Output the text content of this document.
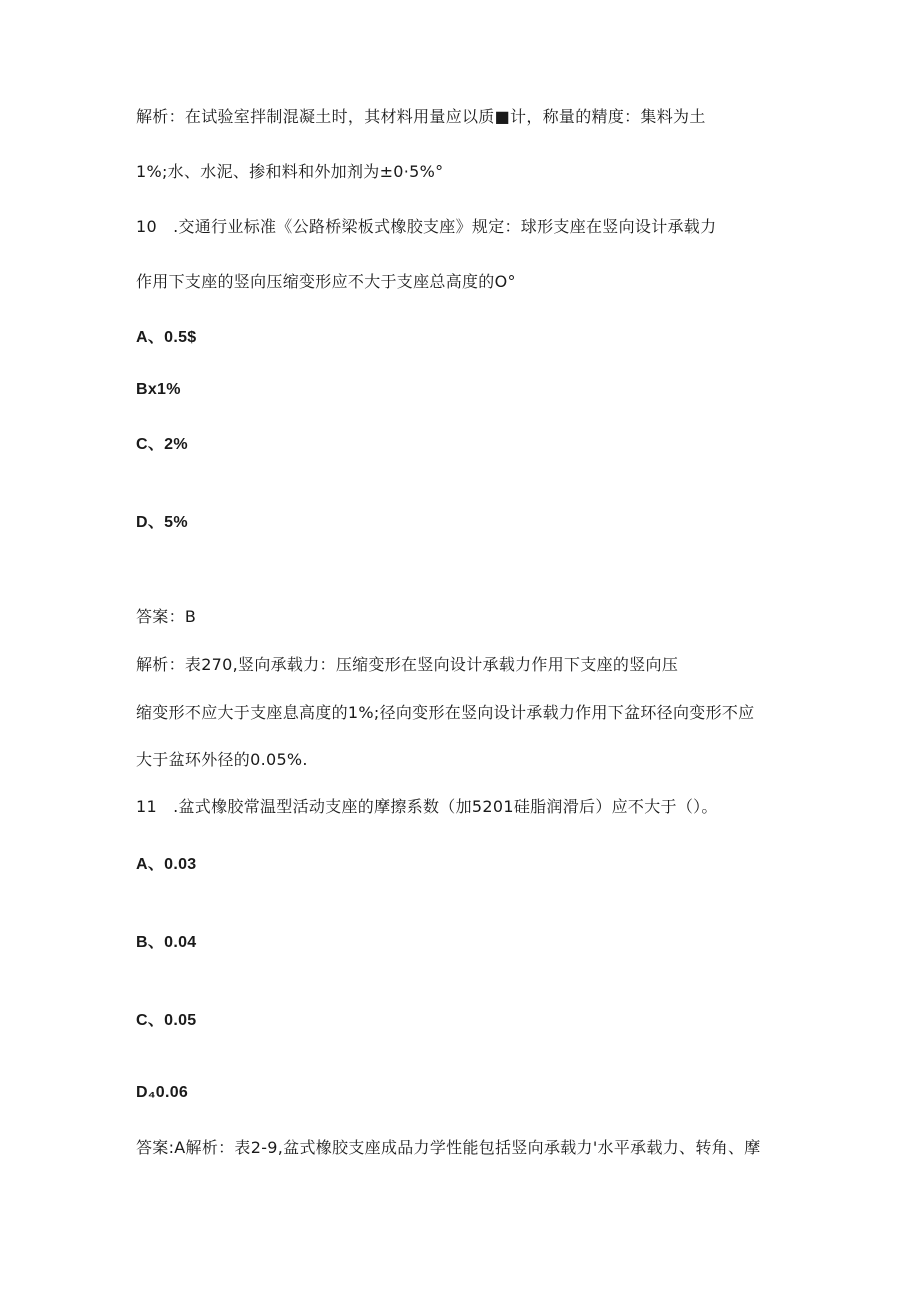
解析：在试验室拌制混凝土时，其材料用量应以质■计，称量的精度：集料为土
1%;水、水泥、掺和料和外加剂为±0·5%°
10   .交通行业标准《公路桥梁板式橡胶支座》规定：球形支座在竖向设计承载力
作用下支座的竖向压缩变形应不大于支座总高度的O°
A、0.5$
Bx1%
C、2%
D、5%
答案：B
解析：表270,竖向承载力：压缩变形在竖向设计承载力作用下支座的竖向压
缩变形不应大于支座息高度的1%;径向变形在竖向设计承载力作用下盆环径向变形不应
大于盆环外径的0.05%.
11   .盆式橡胶常温型活动支座的摩擦系数（加5201硅脂润滑后）应不大于（）。
A、0.03
B、0.04
C、0.05
D₄0.06
答案:A解析：表2-9,盆式橡胶支座成品力学性能包括竖向承载力'水平承载力、转角、摩
